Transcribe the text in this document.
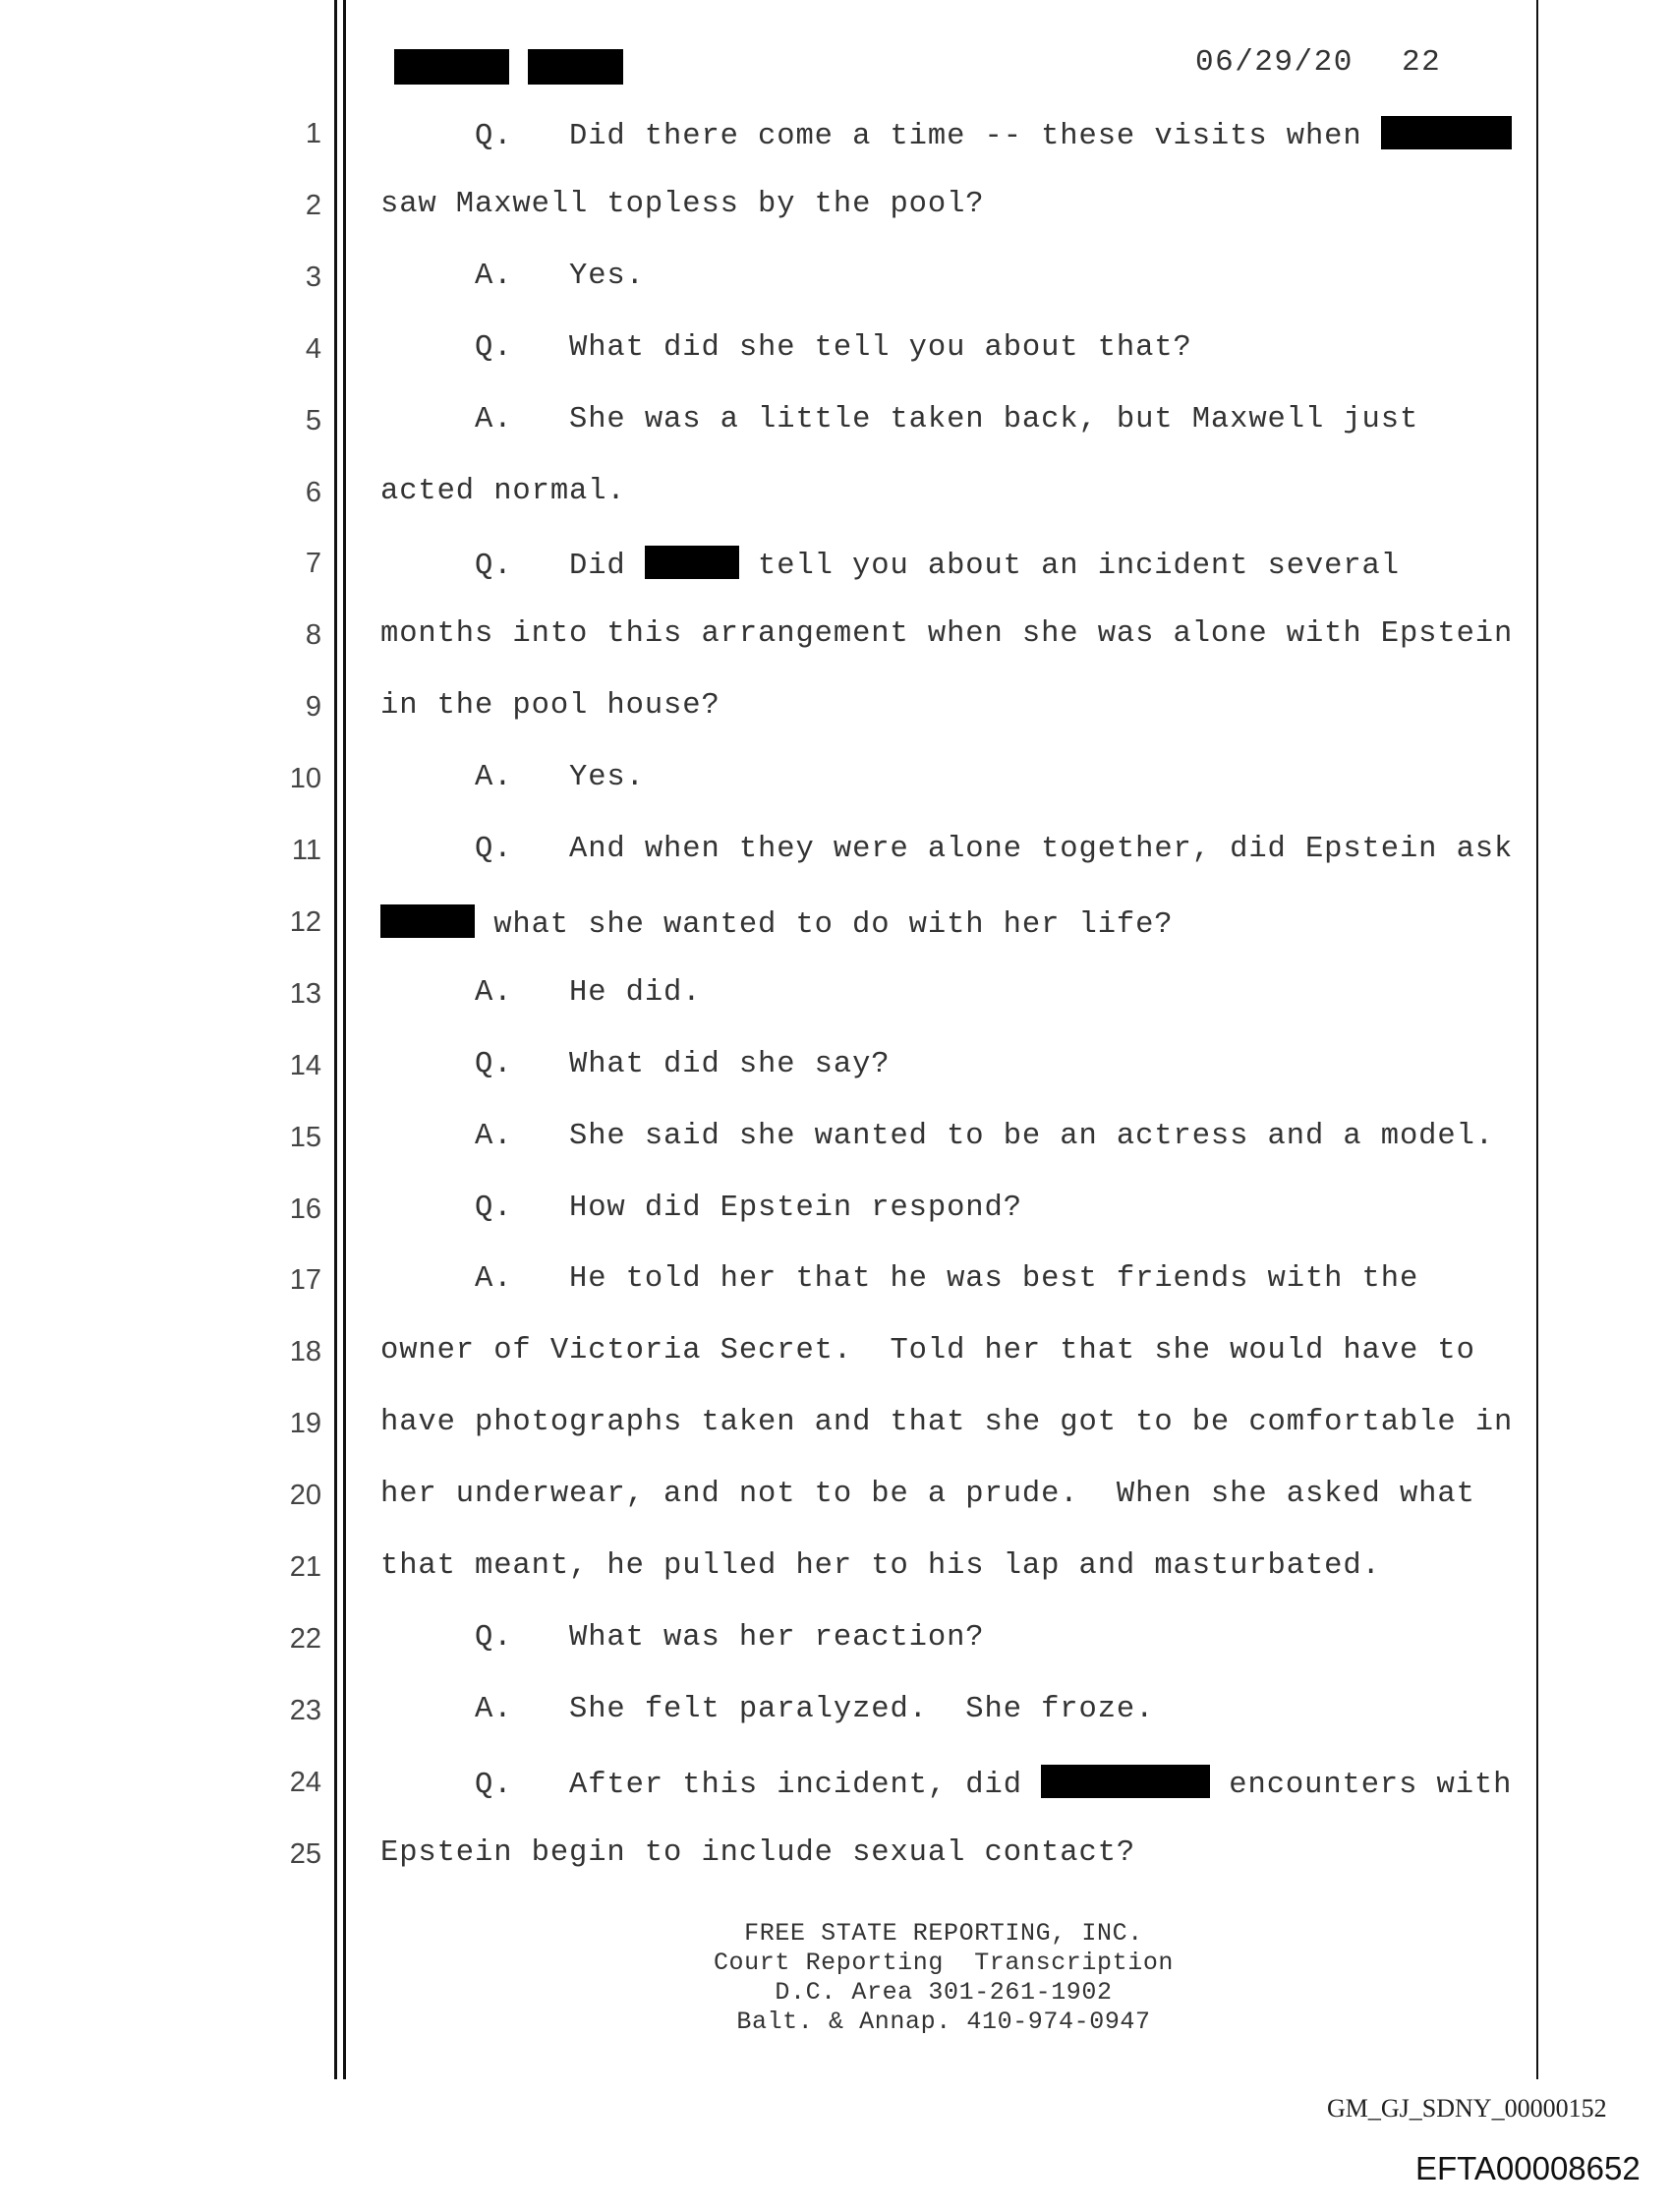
06/29/20 22
1 Q.   Did there come a time -- these visits when
2 saw Maxwell topless by the pool?
3 A.   Yes.
4 Q.   What did she tell you about that?
5 A.   She was a little taken back, but Maxwell just
6 acted normal.
7 Q.   Did	tell you about an incident several
8 months into this arrangement when she was alone with Epstein
9 in the pool house?
10 A.   Yes.
11 Q.   And when they were alone together, did Epstein ask
12	what she wanted to do with her life?
13 A.   He did.
14 Q.   What did she say?
15 A.   She said she wanted to be an actress and a model.
16 Q.   How did Epstein respond?
17 A.   He told her that he was best friends with the
18 owner of Victoria Secret.  Told her that she would have to
19 have photographs taken and that she got to be comfortable in
20 her underwear, and not to be a prude.  When she asked what
21 that meant, he pulled her to his lap and masturbated.
22 Q.   What was her reaction?
23 A.   She felt paralyzed.  She froze.
24 Q.   After this incident, did	encounters with
25 Epstein begin to include sexual contact?
FREE STATE REPORTING, INC.
Court Reporting  Transcription
D.C. Area 301-261-1902
Balt. & Annap. 410-974-0947
GM_GJ_SDNY_00000152
EFTA00008652
